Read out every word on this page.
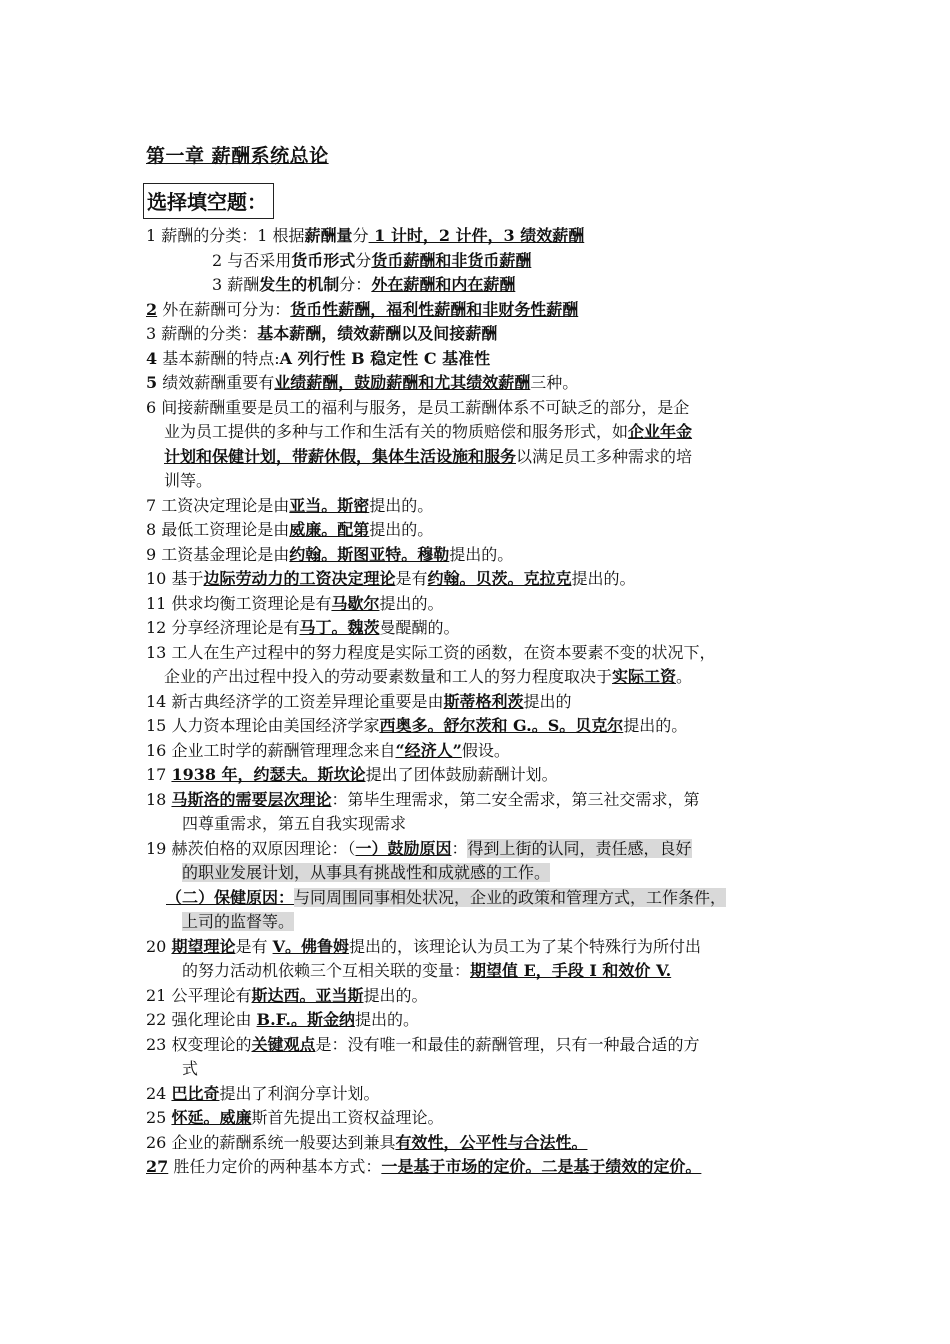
第一章 薪酬系统总论
选择填空题：
1 薪酬的分类：1 根据薪酬量分 1 计时，2 计件，3 绩效薪酬
2 与否采用货币形式分货币薪酬和非货币薪酬
3 薪酬发生的机制分：外在薪酬和内在薪酬
2 外在薪酬可分为：货币性薪酬，福利性薪酬和非财务性薪酬
3 薪酬的分类：基本薪酬，绩效薪酬以及间接薪酬
4 基本薪酬的特点:A 列行性 B 稳定性 C 基准性
5 绩效薪酬重要有业绩薪酬，鼓励薪酬和尤其绩效薪酬三种。
6 间接薪酬重要是员工的福利与服务，是员工薪酬体系不可缺乏的部分，是企
业为员工提供的多种与工作和生活有关的物质赔偿和服务形式，如企业年金
计划和保健计划，带薪休假，集体生活设施和服务以满足员工多种需求的培
训等。
7 工资决定理论是由亚当。斯密提出的。
8 最低工资理论是由威廉。配第提出的。
9 工资基金理论是由约翰。斯图亚特。穆勒提出的。
10 基于边际劳动力的工资决定理论是有约翰。贝茨。克拉克提出的。
11 供求均衡工资理论是有马歇尔提出的。
12 分享经济理论是有马丁。魏茨曼醍醐的。
13 工人在生产过程中的努力程度是实际工资的函数，在资本要素不变的状况下，
企业的产出过程中投入的劳动要素数量和工人的努力程度取决于实际工资。
14 新古典经济学的工资差异理论重要是由斯蒂格利茨提出的
15 人力资本理论由美国经济学家西奥多。舒尔茨和 G.。S。贝克尔提出的。
16 企业工时学的薪酬管理理念来自“经济人”假设。
17 1938 年，约瑟夫。斯坎论提出了团体鼓励薪酬计划。
18 马斯洛的需要层次理论：第毕生理需求，第二安全需求，第三社交需求，第
四尊重需求，第五自我实现需求
19 赫茨伯格的双原因理论：（一）鼓励原因：得到上街的认同，责任感，良好
的职业发展计划，从事具有挑战性和成就感的工作。
（二）保健原因：与同周围同事相处状况，企业的政策和管理方式，工作条件，
上司的监督等。
20 期望理论是有 V。佛鲁姆提出的，该理论认为员工为了某个特殊行为所付出
的努力活动机依赖三个互相关联的变量：期望值 E，手段 I 和效价 V.
21 公平理论有斯达西。亚当斯提出的。
22 强化理论由 B.F.。斯金纳提出的。
23 权变理论的关键观点是：没有唯一和最佳的薪酬管理，只有一种最合适的方
式
24 巴比奇提出了利润分享计划。
25 怀延。威廉斯首先提出工资权益理论。
26 企业的薪酬系统一般要达到兼具有效性，公平性与合法性。
27 胜任力定价的两种基本方式：一是基于市场的定价。二是基于绩效的定价。
